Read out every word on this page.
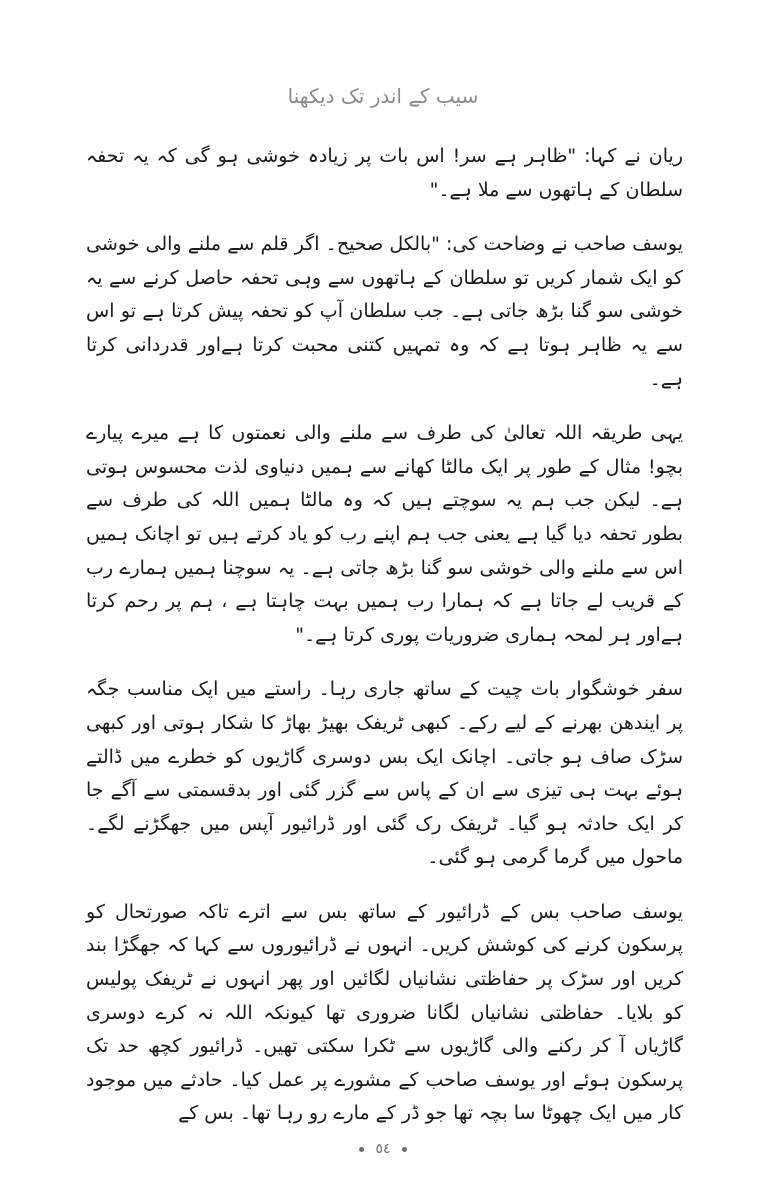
سیب کے اندر تک دیکھنا

ریان نے کہا: "ظاہر ہے سر! اس بات پر زیادہ خوشی ہو گی کہ یہ تحفہ سلطان کے ہاتھوں سے ملا ہے۔"

یوسف صاحب نے وضاحت کی: "بالکل صحیح۔ اگر قلم سے ملنے والی خوشی کو ایک شمار کریں تو سلطان کے ہاتھوں سے وہی تحفہ حاصل کرنے سے یہ خوشی سو گنا بڑھ جاتی ہے۔ جب سلطان آپ کو تحفہ پیش کرتا ہے تو اس سے یہ ظاہر ہوتا ہے کہ وہ تمہیں کتنی محبت کرتا ہےاور قدردانی کرتا ہے۔

یہی طریقہ اللہ تعالیٰ کی طرف سے ملنے والی نعمتوں کا ہے میرے پیارے بچو! مثال کے طور پر ایک مالٹا کھانے سے ہمیں دنیاوی لذت محسوس ہوتی ہے۔ لیکن جب ہم یہ سوچتے ہیں کہ وہ مالٹا ہمیں اللہ کی طرف سے بطور تحفہ دیا گیا ہے یعنی جب ہم اپنے رب کو یاد کرتے ہیں تو اچانک ہمیں اس سے ملنے والی خوشی سو گنا بڑھ جاتی ہے۔ یہ سوچنا ہمیں ہمارے رب کے قریب لے جاتا ہے کہ ہمارا رب ہمیں بہت چاہتا ہے ، ہم پر رحم کرتا ہےاور ہر لمحہ ہماری ضروریات پوری کرتا ہے۔"

سفر خوشگوار بات چیت کے ساتھ جاری رہا۔ راستے میں ایک مناسب جگہ پر ایندھن بھرنے کے لیے رکے۔ کبھی ٹریفک بھیڑ بھاڑ کا شکار ہوتی اور کبھی سڑک صاف ہو جاتی۔ اچانک ایک بس دوسری گاڑیوں کو خطرے میں ڈالتے ہوئے بہت ہی تیزی سے ان کے پاس سے گزر گئی اور بدقسمتی سے آگے جا کر ایک حادثہ ہو گیا۔ ٹریفک رک گئی اور ڈرائیور آپس میں جھگڑنے لگے۔ ماحول میں گرما گرمی ہو گئی۔

یوسف صاحب بس کے ڈرائیور کے ساتھ بس سے اترے تاکہ صورتحال کو پرسکون کرنے کی کوشش کریں۔ انہوں نے ڈرائیوروں سے کہا کہ جھگڑا بند کریں اور سڑک پر حفاظتی نشانیاں لگائیں اور پھر انہوں نے ٹریفک پولیس کو بلایا۔ حفاظتی نشانیاں لگانا ضروری تھا کیونکہ اللہ نہ کرے دوسری گاڑیاں آ کر رکنے والی گاڑیوں سے ٹکرا سکتی تھیں۔ ڈرائیور کچھ حد تک پرسکون ہوئے اور یوسف صاحب کے مشورے پر عمل کیا۔ حادثے میں موجود کار میں ایک چھوٹا سا بچہ تھا جو ڈر کے مارے رو رہا تھا۔ بس کے

٥٤
